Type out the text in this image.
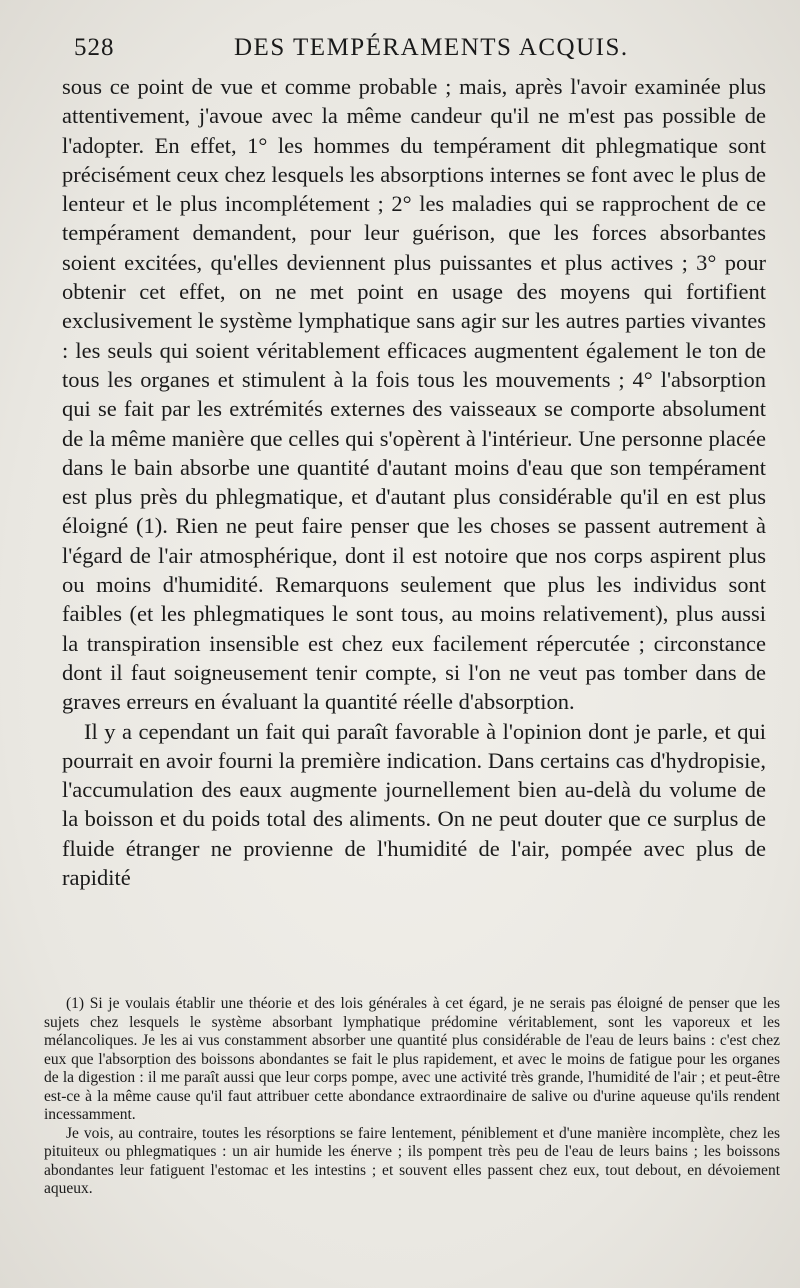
528	DES TEMPÉRAMENTS ACQUIS.

sous ce point de vue et comme probable ; mais, après l'avoir examinée plus attentivement, j'avoue avec la même candeur qu'il ne m'est pas possible de l'adopter. En effet, 1° les hommes du tempérament dit phlegmatique sont précisément ceux chez lesquels les absorptions internes se font avec le plus de lenteur et le plus incomplétement ; 2° les maladies qui se rapprochent de ce tempérament demandent, pour leur guérison, que les forces absorbantes soient excitées, qu'elles deviennent plus puissantes et plus actives ; 3° pour obtenir cet effet, on ne met point en usage des moyens qui fortifient exclusivement le système lymphatique sans agir sur les autres parties vivantes : les seuls qui soient véritablement efficaces augmentent également le ton de tous les organes et stimulent à la fois tous les mouvements ; 4° l'absorption qui se fait par les extrémités externes des vaisseaux se comporte absolument de la même manière que celles qui s'opèrent à l'intérieur. Une personne placée dans le bain absorbe une quantité d'autant moins d'eau que son tempérament est plus près du phlegmatique, et d'autant plus considérable qu'il en est plus éloigné (1). Rien ne peut faire penser que les choses se passent autrement à l'égard de l'air atmosphérique, dont il est notoire que nos corps aspirent plus ou moins d'humidité. Remarquons seulement que plus les individus sont faibles (et les phlegmatiques le sont tous, au moins relativement), plus aussi la transpiration insensible est chez eux facilement répercutée ; circonstance dont il faut soigneusement tenir compte, si l'on ne veut pas tomber dans de graves erreurs en évaluant la quantité réelle d'absorption.

Il y a cependant un fait qui paraît favorable à l'opinion dont je parle, et qui pourrait en avoir fourni la première indication. Dans certains cas d'hydropisie, l'accumulation des eaux augmente journellement bien au-delà du volume de la boisson et du poids total des aliments. On ne peut douter que ce surplus de fluide étranger ne provienne de l'humidité de l'air, pompée avec plus de rapidité

(1) Si je voulais établir une théorie et des lois générales à cet égard, je ne serais pas éloigné de penser que les sujets chez lesquels le système absorbant lymphatique prédomine véritablement, sont les vaporeux et les mélancoliques. Je les ai vus constamment absorber une quantité plus considérable de l'eau de leurs bains : c'est chez eux que l'absorption des boissons abondantes se fait le plus rapidement, et avec le moins de fatigue pour les organes de la digestion : il me paraît aussi que leur corps pompe, avec une activité très grande, l'humidité de l'air ; et peut-être est-ce à la même cause qu'il faut attribuer cette abondance extraordinaire de salive ou d'urine aqueuse qu'ils rendent incessamment.

Je vois, au contraire, toutes les résorptions se faire lentement, péniblement et d'une manière incomplète, chez les pituiteux ou phlegmatiques : un air humide les énerve ; ils pompent très peu de l'eau de leurs bains ; les boissons abondantes leur fatiguent l'estomac et les intestins ; et souvent elles passent chez eux, tout debout, en dévoiement aqueux.
